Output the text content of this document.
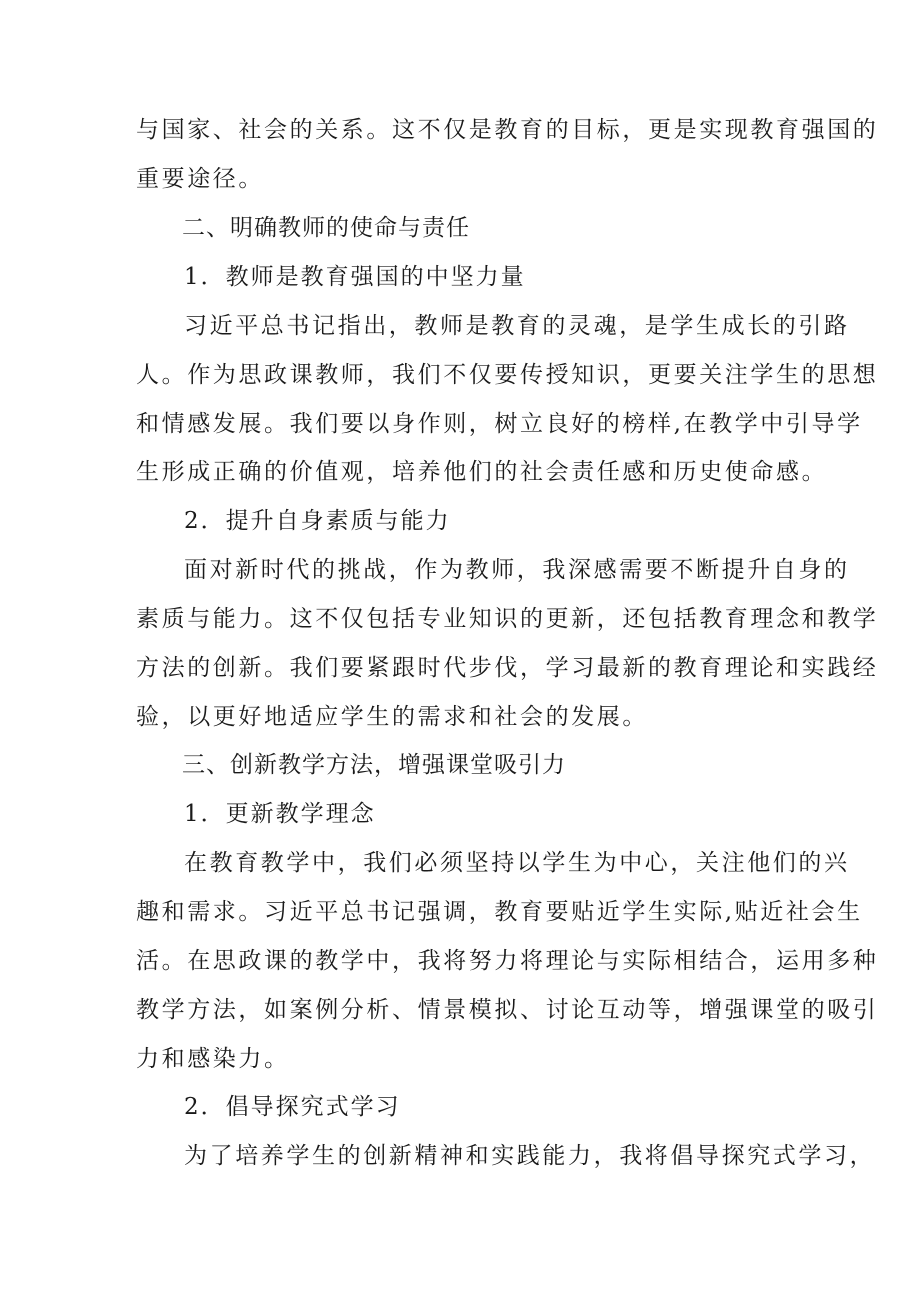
与国家、社会的关系。这不仅是教育的目标，更是实现教育强国的
重要途径。
二、明确教师的使命与责任
1．教师是教育强国的中坚力量
习近平总书记指出，教师是教育的灵魂，是学生成长的引路
人。作为思政课教师，我们不仅要传授知识，更要关注学生的思想
和情感发展。我们要以身作则，树立良好的榜样,在教学中引导学
生形成正确的价值观，培养他们的社会责任感和历史使命感。
2．提升自身素质与能力
面对新时代的挑战，作为教师，我深感需要不断提升自身的
素质与能力。这不仅包括专业知识的更新，还包括教育理念和教学
方法的创新。我们要紧跟时代步伐，学习最新的教育理论和实践经
验，以更好地适应学生的需求和社会的发展。
三、创新教学方法，增强课堂吸引力
1．更新教学理念
在教育教学中，我们必须坚持以学生为中心，关注他们的兴
趣和需求。习近平总书记强调，教育要贴近学生实际,贴近社会生
活。在思政课的教学中，我将努力将理论与实际相结合，运用多种
教学方法，如案例分析、情景模拟、讨论互动等，增强课堂的吸引
力和感染力。
2．倡导探究式学习
为了培养学生的创新精神和实践能力，我将倡导探究式学习，
